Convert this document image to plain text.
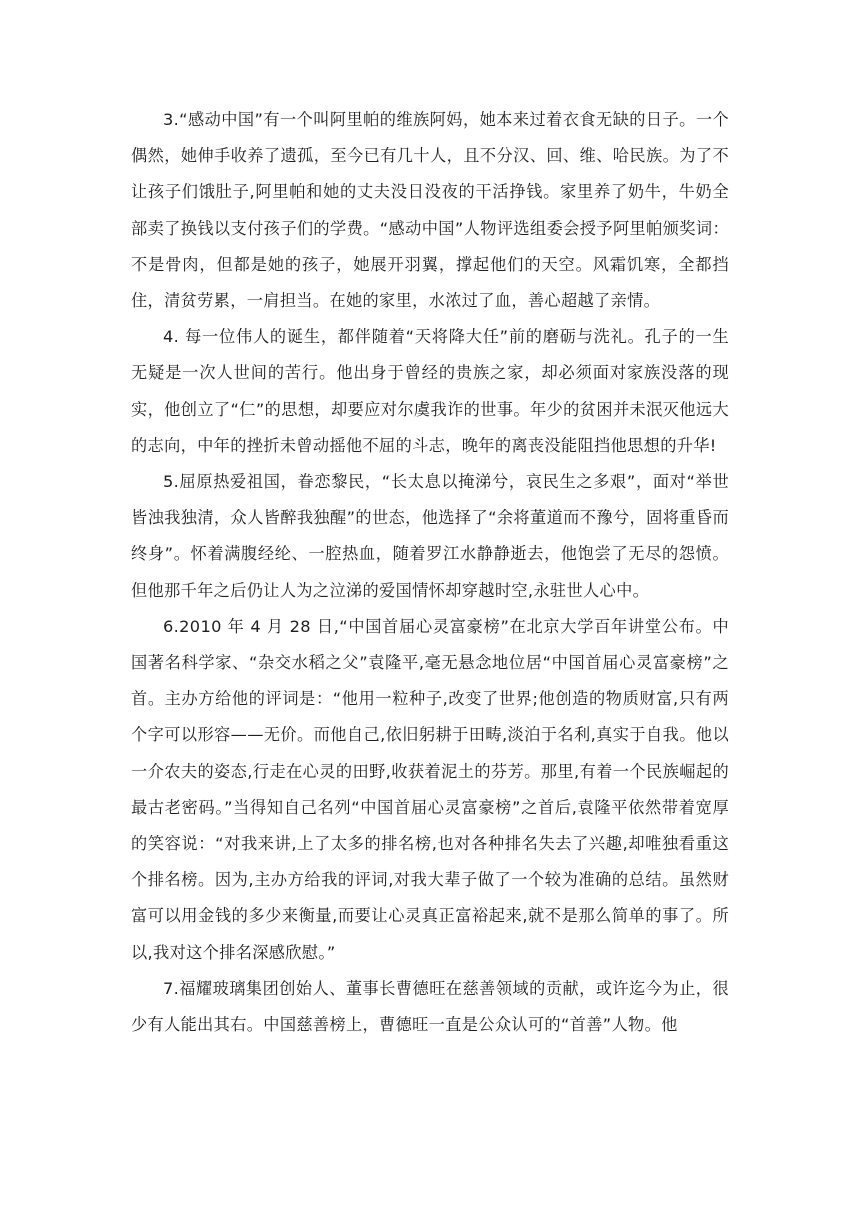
3.“感动中国”有一个叫阿里帕的维族阿妈，她本来过着衣食无缺的日子。一个偶然，她伸手收养了遗孤，至今已有几十人，且不分汉、回、维、哈民族。为了不让孩子们饿肚子,阿里帕和她的丈夫没日没夜的干活挣钱。家里养了奶牛，牛奶全部卖了换钱以支付孩子们的学费。“感动中国”人物评选组委会授予阿里帕颁奖词：不是骨肉，但都是她的孩子，她展开羽翼，撑起他们的天空。风霜饥寒，全都挡住，清贫劳累，一肩担当。在她的家里，水浓过了血，善心超越了亲情。

4. 每一位伟人的诞生，都伴随着“天将降大任”前的磨砺与洗礼。孔子的一生无疑是一次人世间的苦行。他出身于曾经的贵族之家，却必须面对家族没落的现实，他创立了“仁”的思想，却要应对尔虞我诈的世事。年少的贫困并未泯灭他远大的志向，中年的挫折未曾动摇他不屈的斗志，晚年的离丧没能阻挡他思想的升华!

5.屈原热爱祖国，眷恋黎民，“长太息以掩涕兮，哀民生之多艰”，面对“举世皆浊我独清，众人皆醉我独醒”的世态，他选择了“余将董道而不豫兮，固将重昏而终身”。怀着满腹经纶、一腔热血，随着罗江水静静逝去，他饱尝了无尽的怨愤。但他那千年之后仍让人为之泣涕的爱国情怀却穿越时空,永驻世人心中。

6.2010 年 4 月 28 日,“中国首届心灵富豪榜”在北京大学百年讲堂公布。中国著名科学家、“杂交水稻之父”袁隆平,毫无悬念地位居“中国首届心灵富豪榜”之首。主办方给他的评词是：“他用一粒种子,改变了世界;他创造的物质财富,只有两个字可以形容——无价。而他自己,依旧躬耕于田畴,淡泊于名利,真实于自我。他以一介农夫的姿态,行走在心灵的田野,收获着泥土的芬芳。那里,有着一个民族崛起的最古老密码。”当得知自己名列“中国首届心灵富豪榜”之首后,袁隆平依然带着宽厚的笑容说：“对我来讲,上了太多的排名榜,也对各种排名失去了兴趣,却唯独看重这个排名榜。因为,主办方给我的评词,对我大辈子做了一个较为准确的总结。虽然财富可以用金钱的多少来衡量,而要让心灵真正富裕起来,就不是那么简单的事了。所以,我对这个排名深感欣慰。”

7.福耀玻璃集团创始人、董事长曹德旺在慈善领域的贡献，或许迄今为止，很少有人能出其右。中国慈善榜上，曹德旺一直是公众认可的“首善”人物。他
